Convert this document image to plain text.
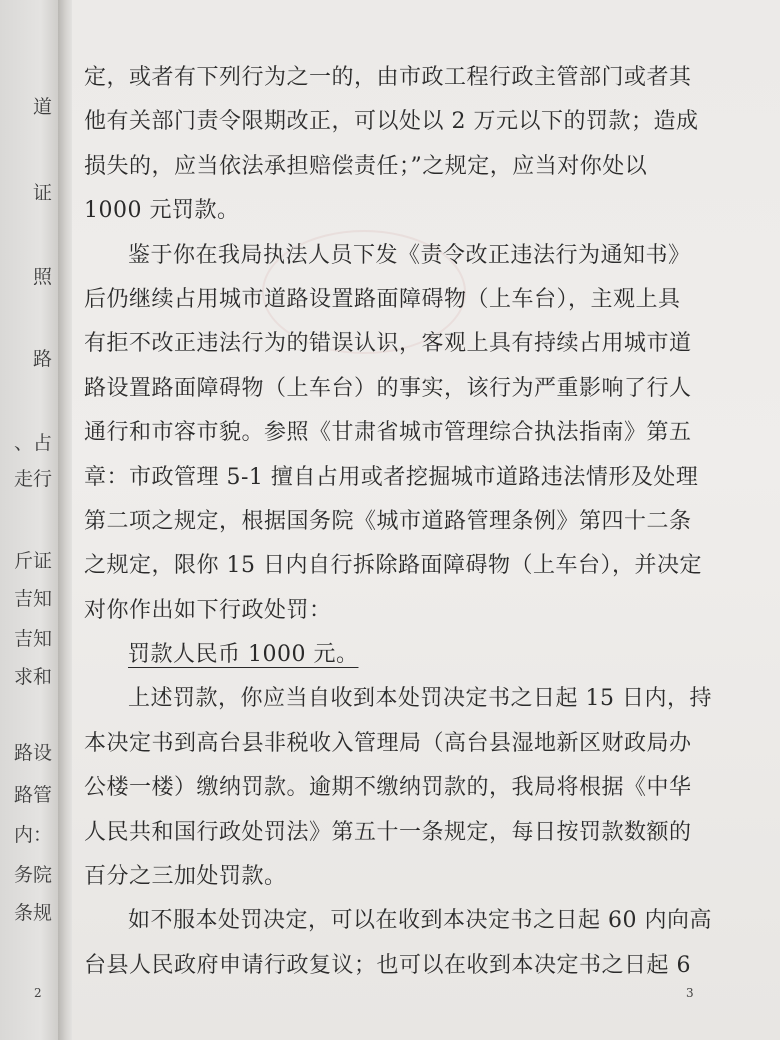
道
证
照
路
、占
走行
斤证
吉知
吉知
求和
路设
路管
内：
务院
条规
2
定，或者有下列行为之一的，由市政工程行政主管部门或者其
他有关部门责令限期改正，可以处以 2 万元以下的罚款；造成
损失的，应当依法承担赔偿责任；”之规定，应当对你处以
1000 元罚款。
鉴于你在我局执法人员下发《责令改正违法行为通知书》
后仍继续占用城市道路设置路面障碍物（上车台），主观上具
有拒不改正违法行为的错误认识，客观上具有持续占用城市道
路设置路面障碍物（上车台）的事实，该行为严重影响了行人
通行和市容市貌。参照《甘肃省城市管理综合执法指南》第五
章：市政管理 5-1 擅自占用或者挖掘城市道路违法情形及处理
第二项之规定，根据国务院《城市道路管理条例》第四十二条
之规定，限你 15 日内自行拆除路面障碍物（上车台），并决定
对你作出如下行政处罚：
罚款人民币 1000 元。
上述罚款，你应当自收到本处罚决定书之日起 15 日内，持
本决定书到高台县非税收入管理局（高台县湿地新区财政局办
公楼一楼）缴纳罚款。逾期不缴纳罚款的，我局将根据《中华
人民共和国行政处罚法》第五十一条规定，每日按罚款数额的
百分之三加处罚款。
如不服本处罚决定，可以在收到本决定书之日起 60 内向高
台县人民政府申请行政复议；也可以在收到本决定书之日起 6
3
